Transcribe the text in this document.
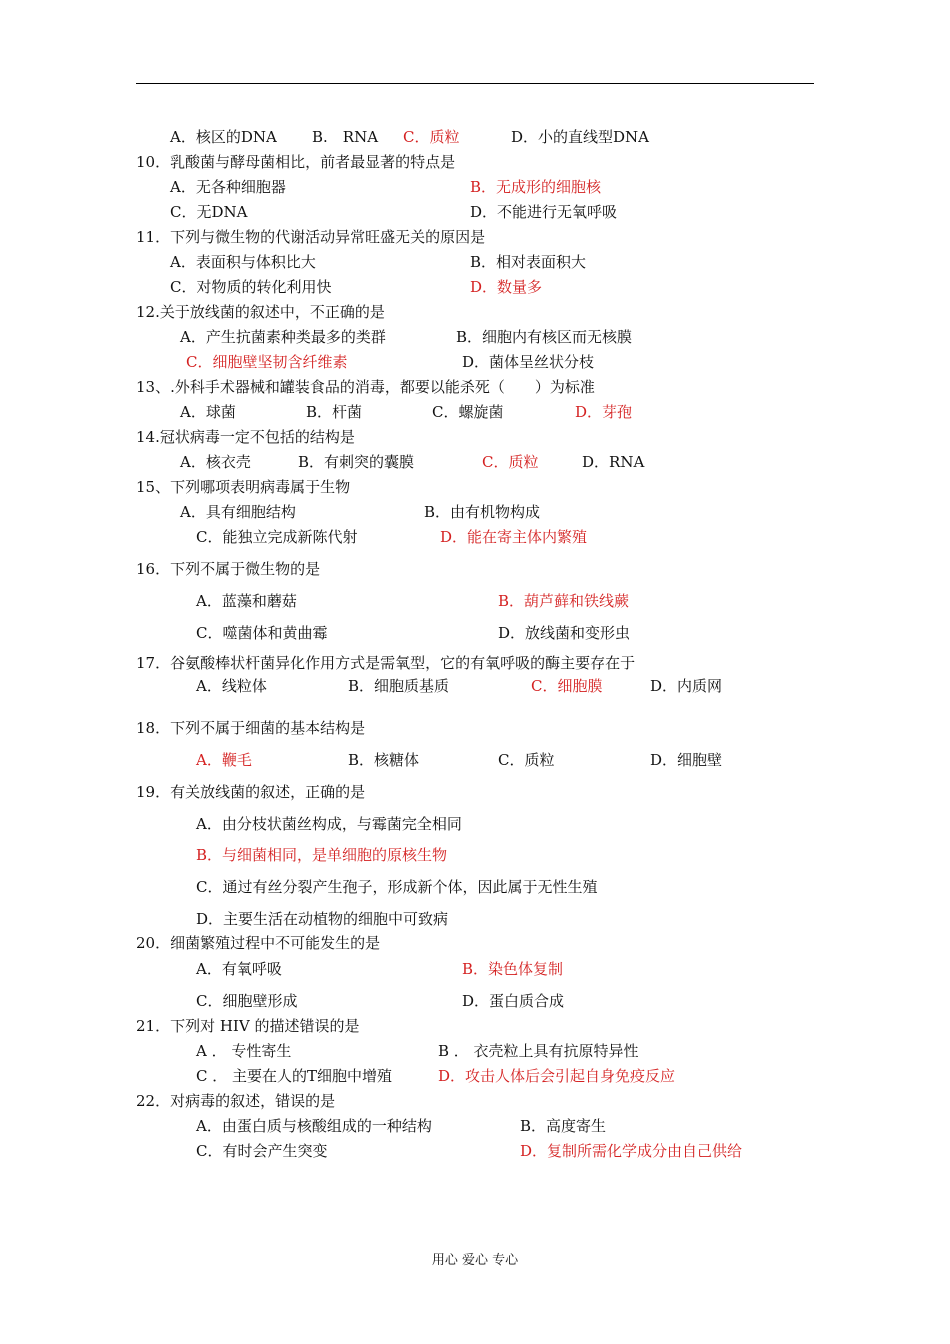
A．核区的DNA B.　RNA C．质粒	D．小的直线型DNA
10．乳酸菌与酵母菌相比，前者最显著的特点是
A．无各种细胞器	B．无成形的细胞核
C．无DNA	D．不能进行无氧呼吸
11．下列与微生物的代谢活动异常旺盛无关的原因是
A．表面积与体积比大	B．相对表面积大
C．对物质的转化利用快	D．数量多
12.关于放线菌的叙述中，不正确的是
A．产生抗菌素种类最多的类群	B．细胞内有核区而无核膜
C．细胞壁坚韧含纤维素	D．菌体呈丝状分枝
13、.外科手术器械和罐装食品的消毒，都要以能杀死（　　）为标准
A．球菌	B．杆菌	C．螺旋菌	D．芽孢
14.冠状病毒一定不包括的结构是
A．核衣壳	B．有刺突的囊膜	C．质粒	D．RNA
15、下列哪项表明病毒属于生物
A．具有细胞结构	B．由有机物构成
C．能独立完成新陈代射	D．能在寄主体内繁殖
16．下列不属于微生物的是
A．蓝藻和蘑菇	B．葫芦藓和铁线蕨
C．噬菌体和黄曲霉	D．放线菌和变形虫
17．谷氨酸棒状杆菌异化作用方式是需氧型，它的有氧呼吸的酶主要存在于
A．线粒体	B．细胞质基质	C．细胞膜	D．内质网
18．下列不属于细菌的基本结构是
A．鞭毛	B．核糖体	C．质粒	D．细胞壁
19．有关放线菌的叙述，正确的是
A．由分枝状菌丝构成，与霉菌完全相同
B．与细菌相同，是单细胞的原核生物
C．通过有丝分裂产生孢子，形成新个体，因此属于无性生殖
D．主要生活在动植物的细胞中可致病
20．细菌繁殖过程中不可能发生的是
A．有氧呼吸	B．染色体复制
C．细胞壁形成	D．蛋白质合成
21．下列对 HIV 的描述错误的是
A ． 专性寄生	B ． 衣壳粒上具有抗原特异性
C ． 主要在人的T细胞中增殖	D．攻击人体后会引起自身免疫反应
22．对病毒的叙述，错误的是
A．由蛋白质与核酸组成的一种结构	B．高度寄生
C．有时会产生突变	D．复制所需化学成分由自己供给
用心 爱心 专心
